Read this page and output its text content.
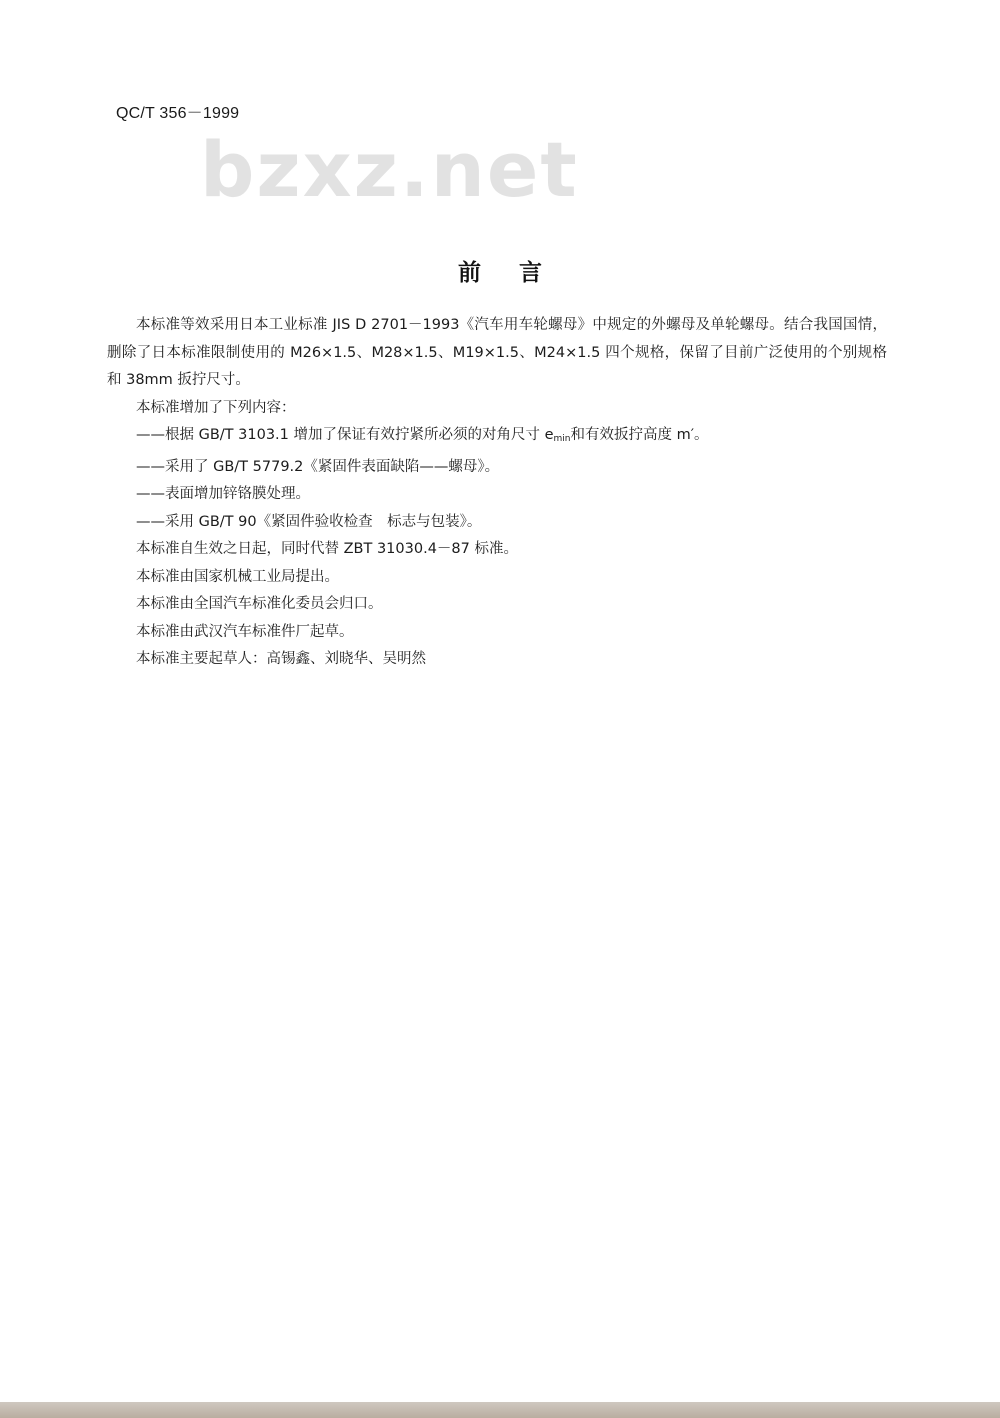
QC/T 356－1999
bzxz.net
前言

本标准等效采用日本工业标准 JIS D 2701－1993《汽车用车轮螺母》中规定的外螺母及单轮螺母。结合我国国情，删除了日本标准限制使用的 M26×1.5、M28×1.5、M19×1.5、M24×1.5 四个规格，保留了目前广泛使用的个别规格和 38mm 扳拧尺寸。

本标准增加了下列内容：

——根据 GB/T 3103.1 增加了保证有效拧紧所必须的对角尺寸 $e_{min}$和有效扳拧高度 m′。

——采用了 GB/T 5779.2《紧固件表面缺陷——螺母》。

——表面增加锌铬膜处理。

——采用 GB/T 90《紧固件验收检查　标志与包装》。

本标准自生效之日起，同时代替 ZBT 31030.4－87 标准。

本标准由国家机械工业局提出。

本标准由全国汽车标准化委员会归口。

本标准由武汉汽车标准件厂起草。

本标准主要起草人：高锡鑫、刘晓华、吴明然
